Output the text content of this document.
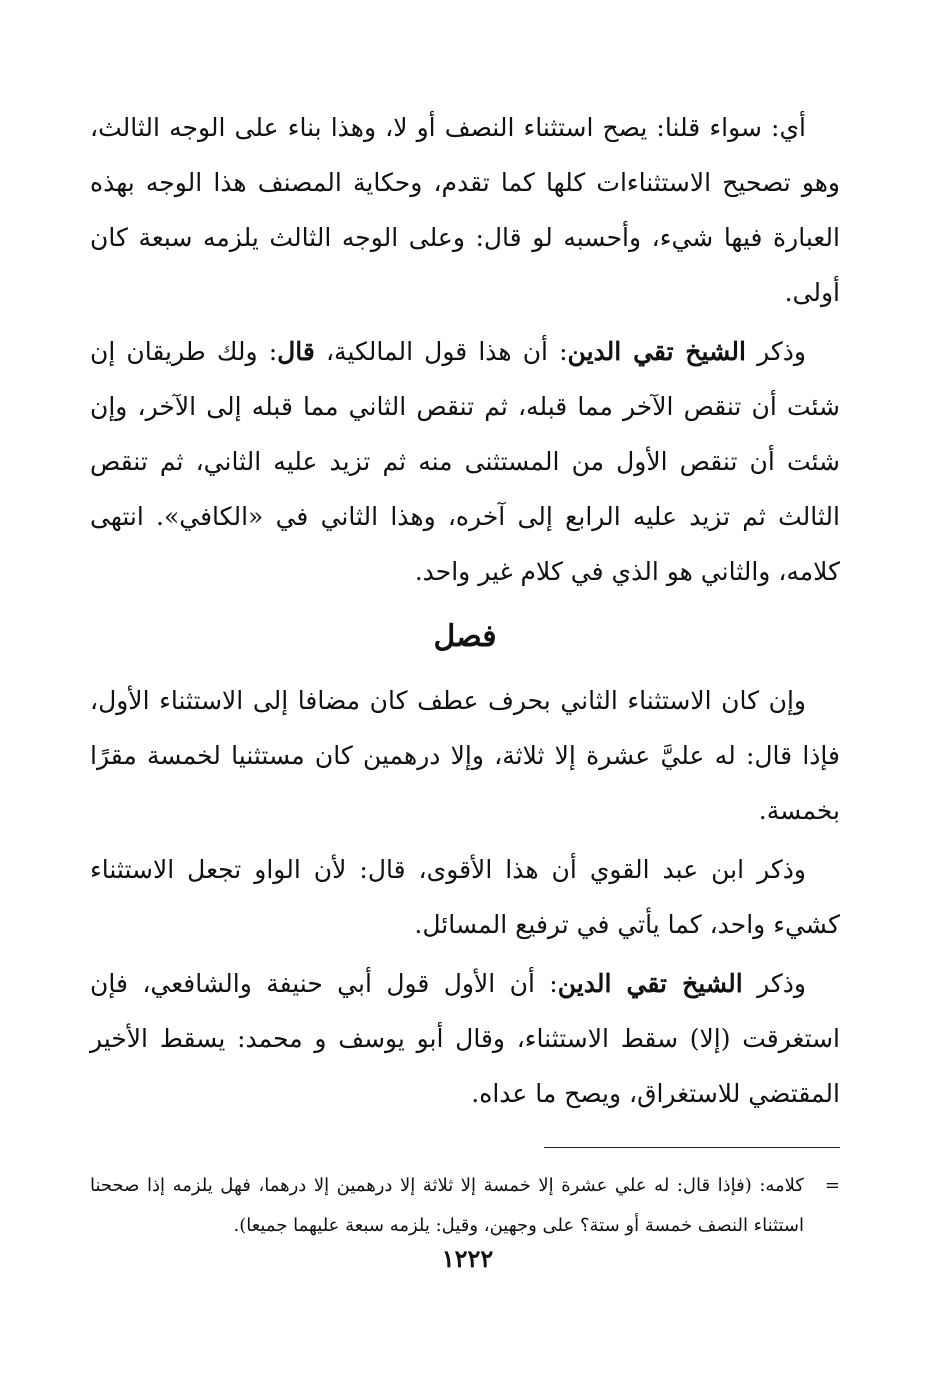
أي: سواء قلنا: يصح استثناء النصف أو لا، وهذا بناء على الوجه الثالث، وهو تصحيح الاستثناءات كلها كما تقدم، وحكاية المصنف هذا الوجه بهذه العبارة فيها شيء، وأحسبه لو قال: وعلى الوجه الثالث يلزمه سبعة كان أولى.

وذكر الشيخ تقي الدين: أن هذا قول المالكية، قال: ولك طريقان إن شئت أن تنقص الآخر مما قبله، ثم تنقص الثاني مما قبله إلى الآخر، وإن شئت أن تنقص الأول من المستثنى منه ثم تزيد عليه الثاني، ثم تنقص الثالث ثم تزيد عليه الرابع إلى آخره، وهذا الثاني في «الكافي». انتهى كلامه، والثاني هو الذي في كلام غير واحد.

فصل

وإن كان الاستثناء الثاني بحرف عطف كان مضافا إلى الاستثناء الأول، فإذا قال: له عليَّ عشرة إلا ثلاثة، وإلا درهمين كان مستثنيا لخمسة مقرًا بخمسة.

وذكر ابن عبد القوي أن هذا الأقوى، قال: لأن الواو تجعل الاستثناء كشيء واحد، كما يأتي في ترفيع المسائل.

وذكر الشيخ تقي الدين: أن الأول قول أبي حنيفة والشافعي، فإن استغرقت (إلا) سقط الاستثناء، وقال أبو يوسف و محمد: يسقط الأخير المقتضي للاستغراق، ويصح ما عداه.

=
كلامه: (فإذا قال: له علي عشرة إلا خمسة إلا ثلاثة إلا درهمين إلا درهما، فهل يلزمه إذا صححنا استثناء النصف خمسة أو ستة؟ على وجهين، وقيل: يلزمه سبعة عليهما جميعا).
١٢٢٢
